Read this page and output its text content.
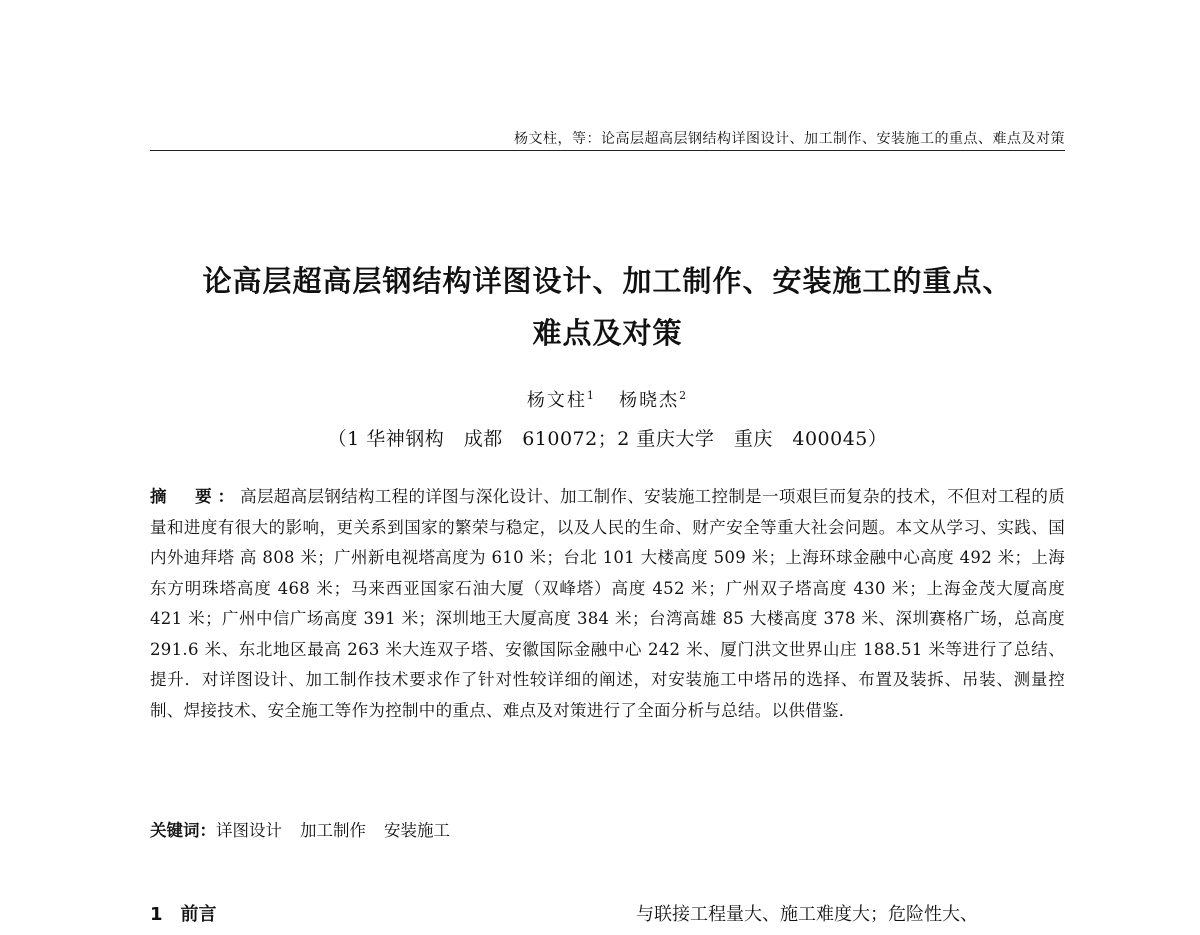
杨文柱，等：论高层超高层钢结构详图设计、加工制作、安装施工的重点、难点及对策
论高层超高层钢结构详图设计、加工制作、安装施工的重点、
难点及对策
杨文柱$^1$ 杨晓杰$^2$
（1 华神钢构　成都　610072；2 重庆大学　重庆　400045）
摘　要：高层超高层钢结构工程的详图与深化设计、加工制作、安装施工控制是一项艰巨而复杂的技术，不但对工程的质量和进度有很大的影响，更关系到国家的繁荣与稳定，以及人民的生命、财产安全等重大社会问题。本文从学习、实践、国内外迪拜塔 高 808 米；广州新电视塔高度为 610 米；台北 101 大楼高度 509 米；上海环球金融中心高度 492 米；上海东方明珠塔高度 468 米；马来西亚国家石油大厦（双峰塔）高度 452 米；广州双子塔高度 430 米；上海金茂大厦高度 421 米；广州中信广场高度 391 米；深圳地王大厦高度 384 米；台湾高雄 85 大楼高度 378 米、深圳赛格广场，总高度 291.6 米、东北地区最高 263 米大连双子塔、安徽国际金融中心 242 米、厦门洪文世界山庄 188.51 米等进行了总结、提升．对详图设计、加工制作技术要求作了针对性较详细的阐述，对安装施工中塔吊的选择、布置及装拆、吊装、测量控制、焊接技术、安全施工等作为控制中的重点、难点及对策进行了全面分析与总结。以供借鉴．
关键词：详图设计 加工制作 安装施工
1 前言	与联接工程量大、施工难度大；危险性大、
